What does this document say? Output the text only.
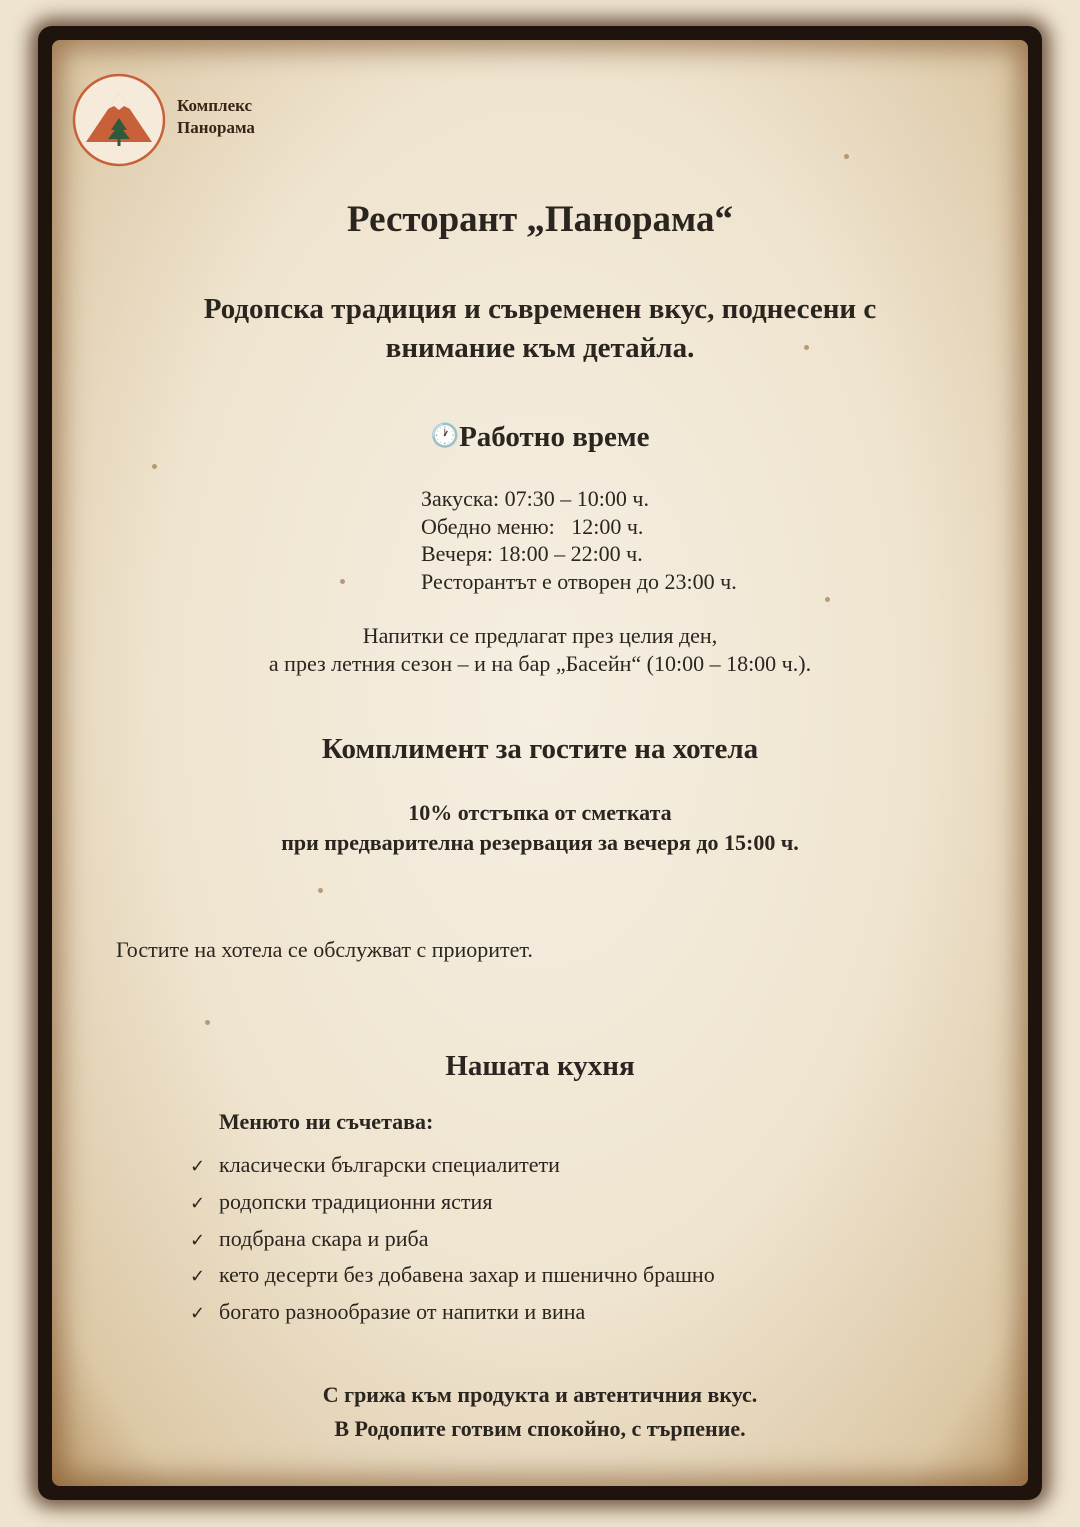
Комплекс
Панорама
Ресторант „Панорама“
Родопска традиция и съвременен вкус, поднесени с
внимание към детайла.
🕐Работно време
Закуска: 07:30 – 10:00 ч.
Обедно меню:   12:00 ч.
Вечеря: 18:00 – 22:00 ч.
Ресторантът е отворен до 23:00 ч.
Напитки се предлагат през целия ден,
а през летния сезон – и на бар „Басейн“ (10:00 – 18:00 ч.).
Комплимент за гостите на хотела
10% отстъпка от сметката
при предварителна резервация за вечеря до 15:00 ч.
Гостите на хотела се обслужват с приоритет.
Нашата кухня
Менюто ни съчетава:
✓ класически български специалитети
✓ родопски традиционни ястия
✓ подбрана скара и риба
✓ кето десерти без добавена захар и пшенично брашно
✓ богато разнообразие от напитки и вина
С грижа към продукта и автентичния вкус.
В Родопите готвим спокойно, с търпение.
